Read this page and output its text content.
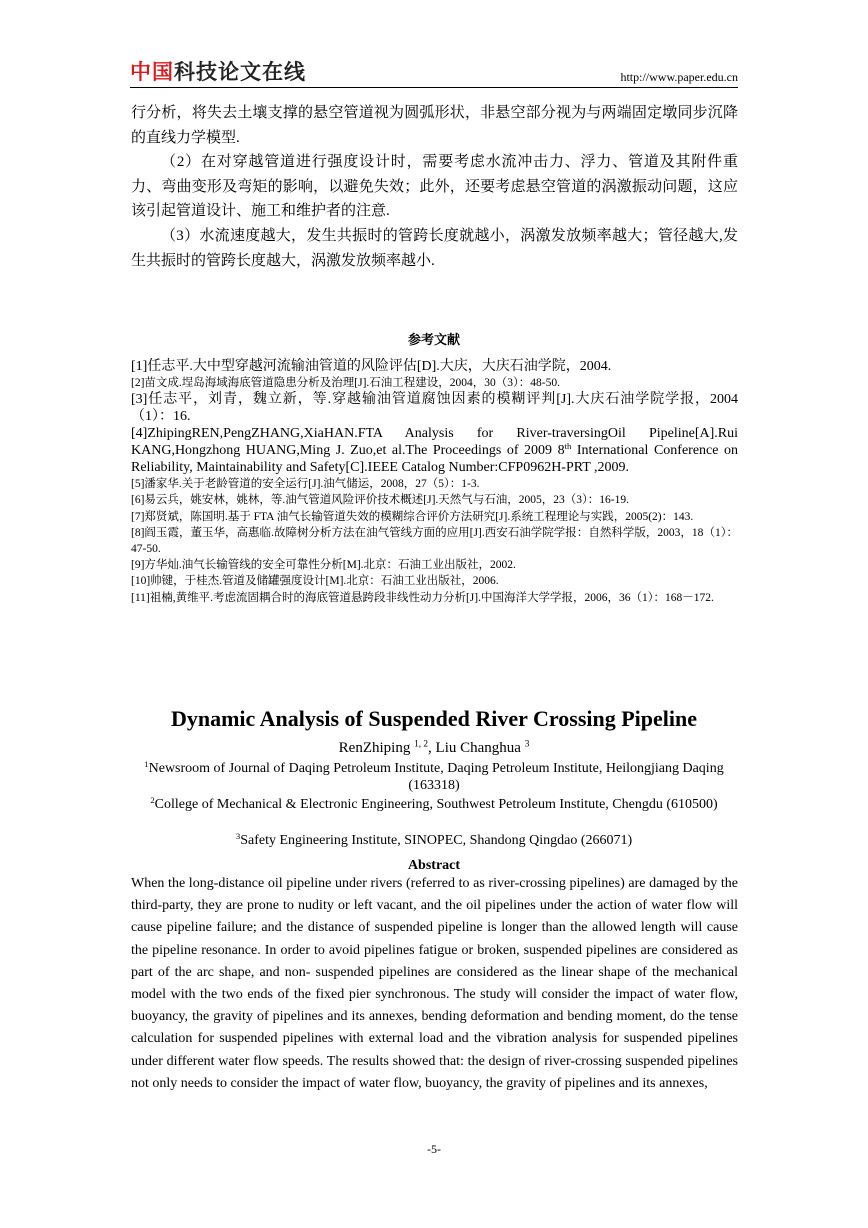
中国科技论文在线	http://www.paper.edu.cn

行分析，将失去土壤支撑的悬空管道视为圆弧形状，非悬空部分视为与两端固定墩同步沉降的直线力学模型.

（2）在对穿越管道进行强度设计时，需要考虑水流冲击力、浮力、管道及其附件重力、弯曲变形及弯矩的影响，以避免失效；此外，还要考虑悬空管道的涡激振动问题，这应该引起管道设计、施工和维护者的注意.

（3）水流速度越大，发生共振时的管跨长度就越小，涡激发放频率越大；管径越大,发生共振时的管跨长度越大，涡激发放频率越小.

参考文献

[1]任志平.大中型穿越河流输油管道的风险评估[D].大庆，大庆石油学院，2004.

[2]苗文成.埕岛海域海底管道隐患分析及治理[J].石油工程建设，2004，30（3）：48-50.

[3]任志平，刘青，魏立新，等.穿越输油管道腐蚀因素的模糊评判[J].大庆石油学院学报，2004（1）：16.

[4]ZhipingREN,PengZHANG,XiaHAN.FTA Analysis for River-traversingOil Pipeline[A].Rui KANG,Hongzhong HUANG,Ming J. Zuo,et al.The Proceedings of 2009 8th International Conference on Reliability, Maintainability and Safety[C].IEEE Catalog Number:CFP0962H-PRT ,2009.

[5]潘家华.关于老龄管道的安全运行[J].油气储运，2008，27（5）：1-3.

[6]易云兵，姚安林，姚林，等.油气管道风险评价技术概述[J].天然气与石油，2005，23（3）：16-19.

[7]郑贤斌，陈国明.基于 FTA 油气长输管道失效的模糊综合评价方法研究[J].系统工程理论与实践，2005(2)：143.

[8]阎玉霞，董玉华，高惠临.故障树分析方法在油气管线方面的应用[J].西安石油学院学报：自然科学版，2003，18（1）：47-50.

[9]方华灿.油气长输管线的安全可靠性分析[M].北京：石油工业出版社，2002.

[10]帅键，于桂杰.管道及储罐强度设计[M].北京：石油工业出版社，2006.

[11]祖楠,黄维平.考虑流固耦合时的海底管道悬跨段非线性动力分析[J].中国海洋大学学报，2006，36（1）：168－172.

Dynamic Analysis of Suspended River Crossing Pipeline
RenZhiping $^{1, 2}$, Liu Changhua $^3$
$^1$Newsroom of Journal of Daqing Petroleum Institute, Daqing Petroleum Institute, Heilongjiang Daqing (163318)
$^2$College of Mechanical & Electronic Engineering, Southwest Petroleum Institute, Chengdu (610500)
$^3$Safety Engineering Institute, SINOPEC, Shandong Qingdao (266071)
Abstract
When the long-distance oil pipeline under rivers (referred to as river-crossing pipelines) are damaged by the third-party, they are prone to nudity or left vacant, and the oil pipelines under the action of water flow will cause pipeline failure; and the distance of suspended pipeline is longer than the allowed length will cause the pipeline resonance. In order to avoid pipelines fatigue or broken, suspended pipelines are considered as part of the arc shape, and non- suspended pipelines are considered as the linear shape of the mechanical model with the two ends of the fixed pier synchronous. The study will consider the impact of water flow, buoyancy, the gravity of pipelines and its annexes, bending deformation and bending moment, do the tense calculation for suspended pipelines with external load and the vibration analysis for suspended pipelines under different water flow speeds. The results showed that: the design of river-crossing suspended pipelines not only needs to consider the impact of water flow, buoyancy, the gravity of pipelines and its annexes,
-5-
